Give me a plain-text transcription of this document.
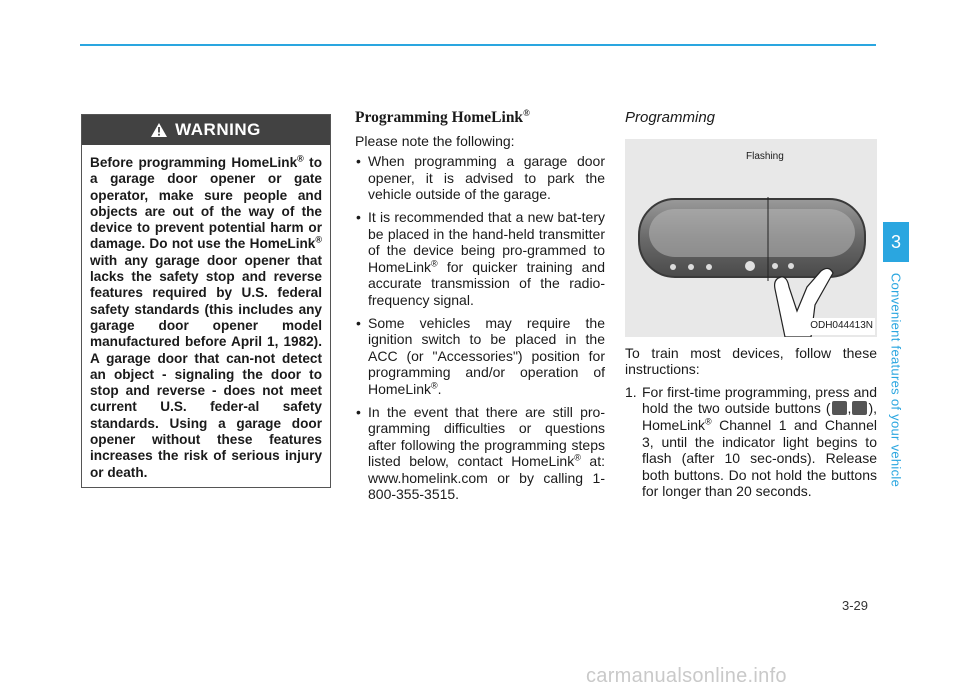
WARNING

Before programming HomeLink® to a garage door opener or gate operator, make sure people and objects are out of the way of the device to prevent potential harm or damage. Do not use the HomeLink® with any garage door opener that lacks the safety stop and reverse features required by U.S. federal safety standards (this includes any garage door opener model manufactured before April 1, 1982). A garage door that can-not detect an object - signaling the door to stop and reverse - does not meet current U.S. feder-al safety standards. Using a garage door opener without these features increases the risk of serious injury or death.

Programming HomeLink®

Please note the following:

• When programming a garage door opener, it is advised to park the vehicle outside of the garage.
• It is recommended that a new bat-tery be placed in the hand-held transmitter of the device being pro-grammed to HomeLink® for quicker training and accurate transmission of the radio-frequency signal.
• Some vehicles may require the ignition switch to be placed in the ACC (or "Accessories") position for programming and/or operation of HomeLink®.
• In the event that there are still pro-gramming difficulties or questions after following the programming steps listed below, contact HomeLink® at: www.homelink.com or by calling 1-800-355-3515.
Programming
Flashing
ODH044413N

To train most devices, follow these instructions:

1. For first-time programming, press and hold the two outside buttons ( , ), HomeLink® Channel 1 and Channel 3, until the indicator light begins to flash (after 10 sec-onds). Release both buttons. Do not hold the buttons for longer than 20 seconds.
3
Convenient features of your vehicle
3-29
carmanualsonline.info
